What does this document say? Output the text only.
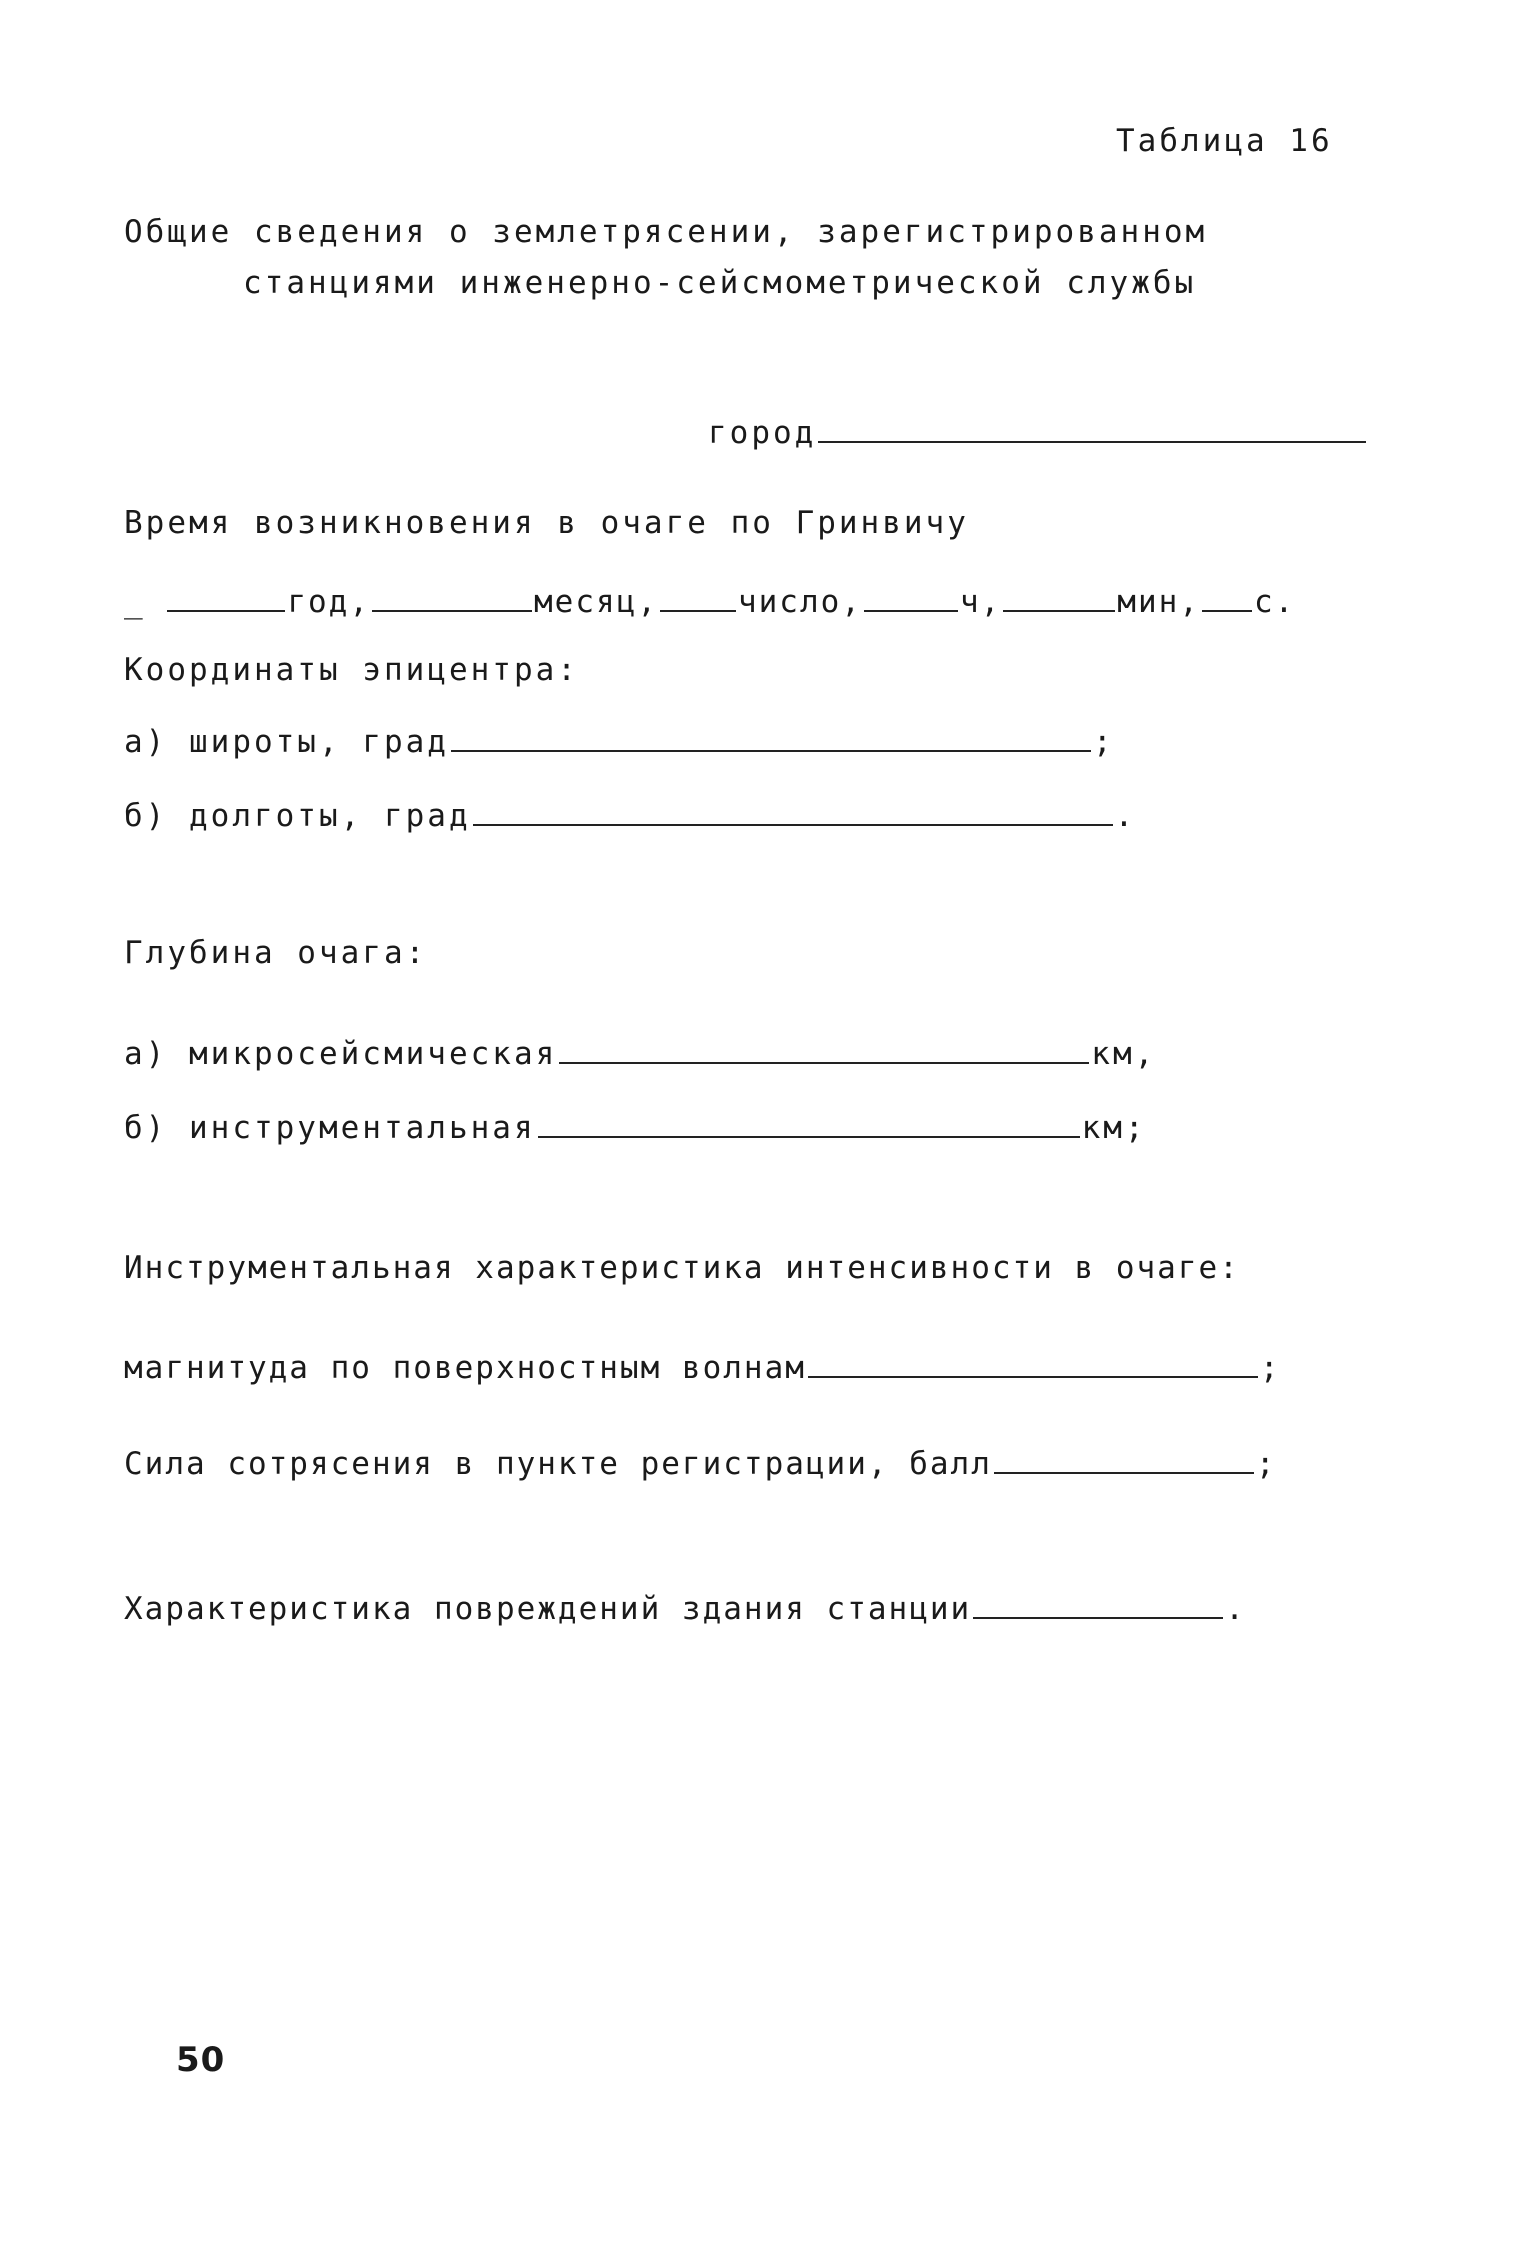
Таблица 16
Общие сведения о землетрясении, зарегистрированном
станциями инженерно-сейсмометрической службы
город
Время возникновения в очаге по Гринвичу
_	год,	месяц,	число,	ч,	мин, с.
Координаты эпицентра:
а) широты, град	;
б) долготы, град	.
Глубина очага:
а) микросейсмическая	км,
б) инструментальная	км;
Инструментальная характеристика интенсивности в очаге:
магнитуда по поверхностным волнам	;
Сила сотрясения в пункте регистрации, балл	;
Характеристика повреждений здания станции	.
50
